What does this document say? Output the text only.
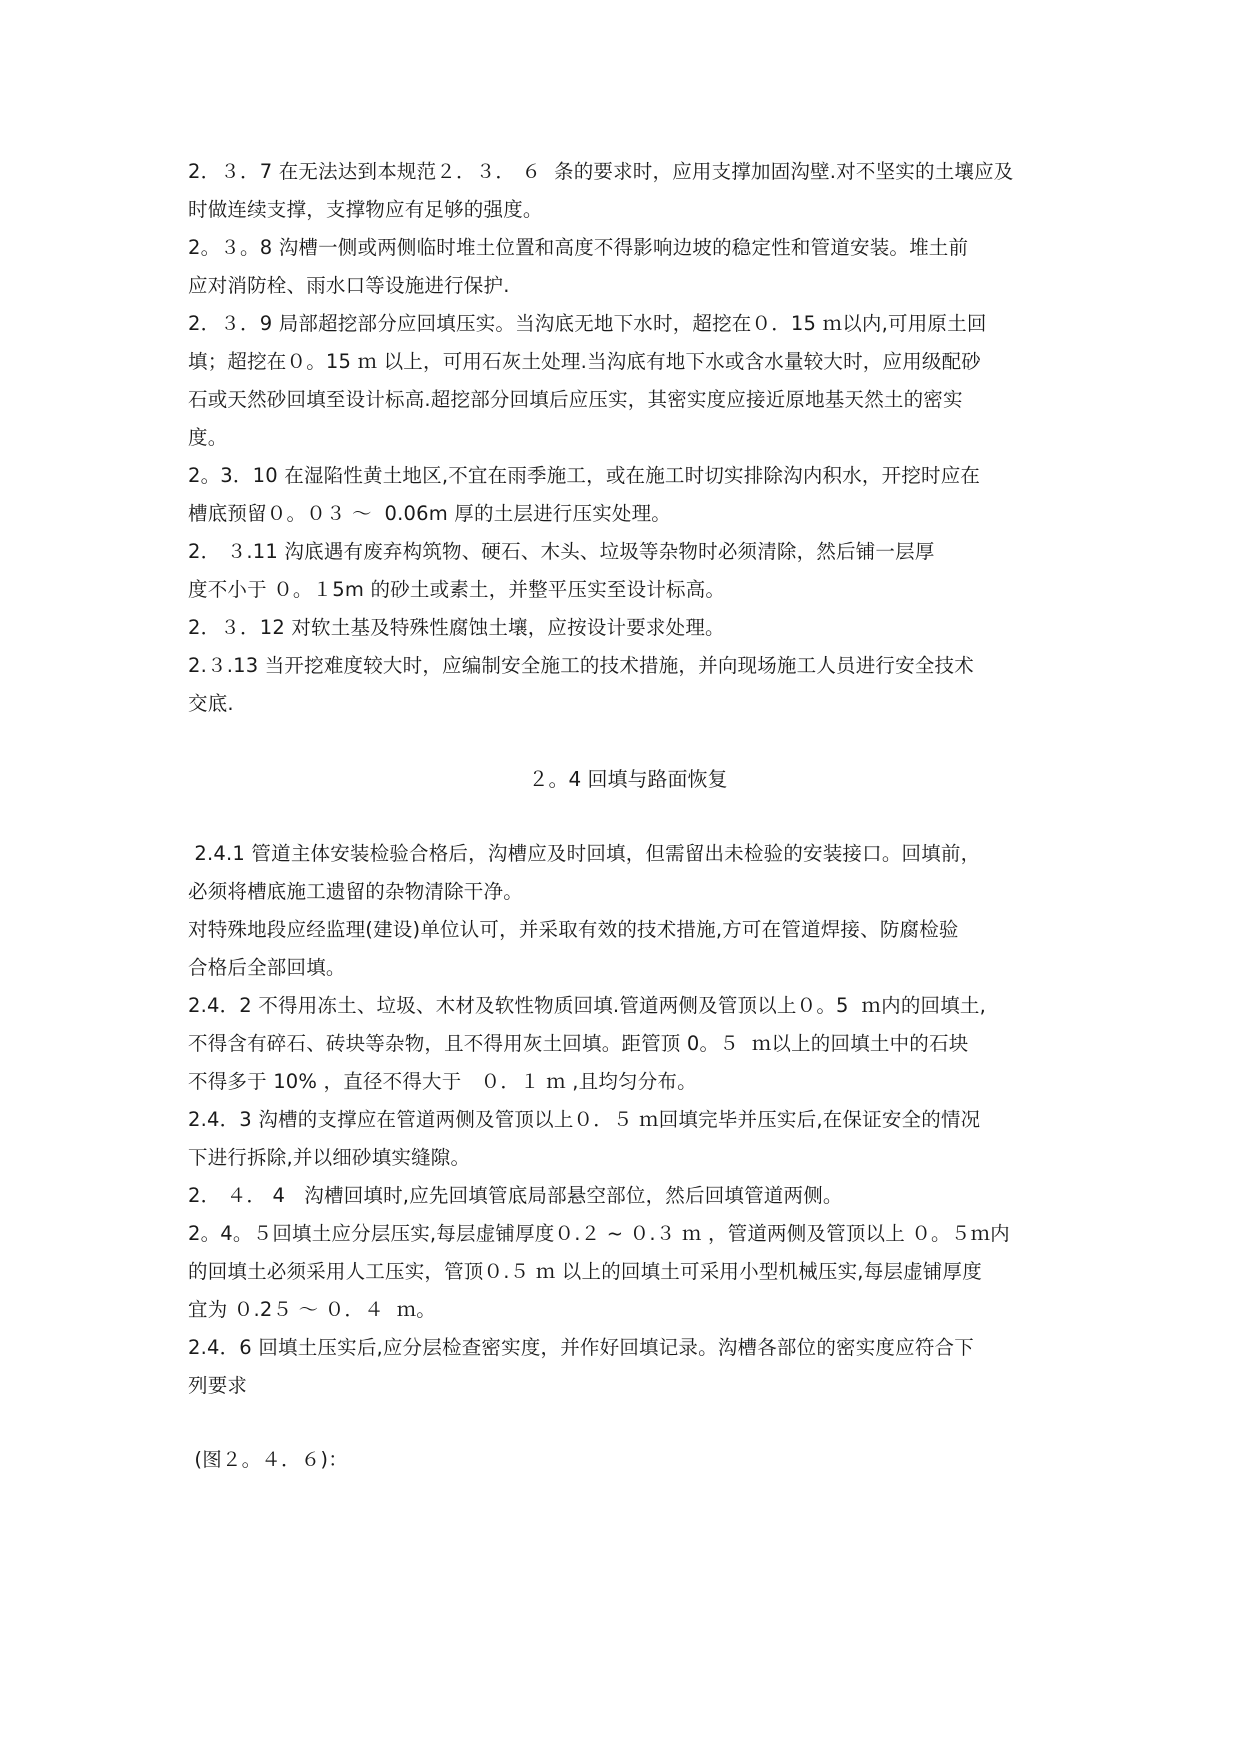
2．３．7 在无法达到本规范２．３． ６  条的要求时，应用支撑加固沟壁.对不坚实的土壤应及
时做连续支撑，支撑物应有足够的强度。
2。３。8 沟槽一侧或两侧临时堆土位置和高度不得影响边坡的稳定性和管道安装。堆土前
应对消防栓、雨水口等设施进行保护.
2．３．9 局部超挖部分应回填压实。当沟底无地下水时，超挖在０．15 ｍ以内,可用原土回
填；超挖在０。15 ｍ 以上，可用石灰土处理.当沟底有地下水或含水量较大时，应用级配砂
石或天然砂回填至设计标高.超挖部分回填后应压实，其密实度应接近原地基天然土的密实
度。
2。3．10 在湿陷性黄土地区,不宜在雨季施工，或在施工时切实排除沟内积水，开挖时应在
槽底预留０。０３ ～  0.06m 厚的土层进行压实处理。
2． ３.11 沟底遇有废弃构筑物、硬石、木头、垃圾等杂物时必须清除，然后铺一层厚
度不小于 ０。１5m 的砂土或素土，并整平压实至设计标高。
2．３．12 对软土基及特殊性腐蚀土壤，应按设计要求处理。
2.３.13 当开挖难度较大时，应编制安全施工的技术措施，并向现场施工人员进行安全技术
交底.
２。4 回填与路面恢复
2.4.1 管道主体安装检验合格后，沟槽应及时回填，但需留出未检验的安装接口。回填前，
必须将槽底施工遗留的杂物清除干净。
对特殊地段应经监理(建设)单位认可，并采取有效的技术措施,方可在管道焊接、防腐检验
合格后全部回填。
2.4．2 不得用冻土、垃圾、木材及软性物质回填.管道两侧及管顶以上０。5  ｍ内的回填土,
不得含有碎石、砖块等杂物，且不得用灰土回填。距管顶 0。５  ｍ以上的回填土中的石块
不得多于 10% ，直径不得大于   ０．１ ｍ ,且均匀分布。
2.4．3 沟槽的支撑应在管道两侧及管顶以上０．５ ｍ回填完毕并压实后,在保证安全的情况
下进行拆除,并以细砂填实缝隙。
2． ４． 4   沟槽回填时,应先回填管底局部悬空部位，然后回填管道两侧。
2。4。５回填土应分层压实,每层虚铺厚度０.２ ~ ０.３ ｍ ，管道两侧及管顶以上 ０。５ｍ内
的回填土必须采用人工压实，管顶０.５ ｍ 以上的回填土可采用小型机械压实,每层虚铺厚度
宜为 ０.2５ ～ ０．４  ｍ。
2.4．6 回填土压实后,应分层检查密实度，并作好回填记录。沟槽各部位的密实度应符合下
列要求
(图２。４．６)：
